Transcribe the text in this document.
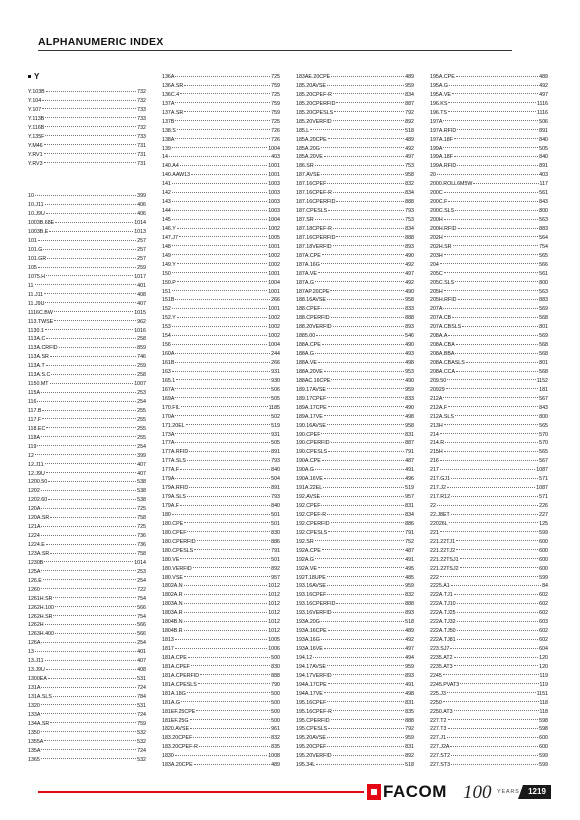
ALPHANUMERIC INDEX
Y
Y.103B	732
Y.104	732
Y.107	733
Y.113B	733
Y.116B	732
Y.135F	733
Y.M46	731
Y.RV1	731
Y.RV3	731
10	399
10.J11	406
10.J9U	406
1003B.68E	1014
1003B.E	1013
101	257
101.G	257
101.GR	257
105	259
1075.H	1017
11	401
11.J11	408
11.J9U	407
1116C.BW	1015
113.TWSE	962
1130.1	1016
113A.C	258
113A.CRFID	859
113A.SR	746
113A.T	259
113A.S.C	258
1150.MT	1007
115A	253
116	254
117.B	255
117.F	255
118.EC	255
118A	255
119	254
12	399
12.J11	407
12.J9U	407
1200.50	538
1202	538
1202.60	538
120A	725
120A.SR	758
121A	725
1224	736
1224.E	736
123A.SR	758
1230B	1014
125A	253
126.E	254
1260	722
1261H.SR	754
1262H.100	566
1262H.SR	754
1262H	566
1263H.400	566
126A	254
13	401
13.J11	407
13.J9U	408
1300EA	531
131A	724
131A.SLS	784
1320	531
133A	724
134A.SR	759
1350	532
1355A	532
135A	724
1365	532
136A	725
136A.SR	759
136C.4	725
137A	759
137A.SR	759
137B	725
138.S	726
138A	726
139	1004
14	403
140.A4	1001
140.AAW13	1001
141	1003
142	1003
143	1003
144	1003
145	1004
146.Y	1002
147.J7	1005
148	1001
149	1002
149.Y	1002
150	1001
150.P	1004
151	1001
151B	266
152	1001
152.Y	1002
153	1002
154	1002
156	1004
160A	244
161B	266
163	931
165.1	930
167A	506
169A	505
170.FIL	1185
170A	502
171.20EL	519
173A	931
177A	505
177A.RFID	891
177A.SLS	793
177A.F	840
179A	504
179A.RFID	891
179A.SLS	793
179A.F	840
180	501
180.CPE	501
180.CPEF	830
180.CPERFID	886
180.CPESLS	791
180.VE	501
180.VERFID	892
180.VSE	957
1802A.N	1012
1802A.R	1012
1803A.N	1012
1803A.R	1012
1804B.N	1012
1804B.R	1012
1813	1005
1817	1006
181A.CPE	500
181A.CPEF	830
181A.CPERFID	888
181A.CPESLS	790
181A.18G	500
181A.G	500
181EF.25CPE	500
181EF.25G	500
1820.AVSE	961
183.20CPEF	832
183.20CPEF-R	835
1830	1008
183A.20CPE	489
183AE.20CPE	489
185.20AVSE	959
185.20CPEF-R	834
185.20CPERFID	887
185.20CPESLS	792
185.20VERFID	892
185.L	518
185A.20CPE	489
185A.20G	492
185A.20VE	497
186.SR	753
187.AVSE	958
187.16CPEF	832
187.16CPEF-R	834
187.16CPERFID	888
187.CPESLS	793
187.SR	753
187.18CPEF-R	834
187.16CPERFID	888
187.18VERFID	893
187A.CPE	490
187A.16G	492
187A.VE	497
187A.G	492
187AP.20CPE	490
188.16AVSE	958
188.CPEF	833
188.CPERFID	888
188.20VERFID	893
1885.00	546
188A.CPE	490
188A.G	493
188A.VE	498
188A.20VE	953
188AC.16CPE	490
189.17AVSE	959
189.17CPEF	833
189A.17CPE	490
189A.17VE	498
190.16AVSE	958
190.CPEF	831
190.CPERFID	887
190.CPESLS	791
190A.CPE	487
190A.G	491
190A.16VE	496
191A.22EL	519
192.AVSE	957
192.CPEF	831
192.CPEF-R	834
192.CPERFID	886
192.CPESLS	791
192.SR	752
192A.CPE	487
192A.G	491
192A.VE	495
192T.18UPE	485
193.16AVSE	959
193.16CPEF	832
193.16CPERFID	888
193.16VERFID	893
193A.20G	518
193A.16CPE	489
193A.16G	492
193A.16VE	497
194.12	494
194.17AVSE	959
194.17VERFID	893
194A.17CPE	491
194A.17VE	498
195.16CPEF	831
195.16CPEF-R	835
195.CPERFID	888
195.CPESLS	792
195.20AVSE	959
195.20CPEF	831
195.20VERFID	892
195.34L	518
195A.CPE	489
195A.G	492
195A.VE	497
196.KS	1116
196.TS	1116
197A	506
197A.RFID	891
197A.18F	840
199A	505
199A.18F	840
199A.RFID	891
20	403
2000.ROLL6M5W	117
200C	561
200C.F	843
200C.SLS	800
200H	563
200H.RFID	883
202H	564
202H.SR	754
203H	565
204	566
205C	561
205C.SLS	800
205H	563
205H.RFID	883
207A	569
207A.CB	568
207A.CBSLS	801
208A.A	569
208A.CBA	568
208A.BBA	568
208A.CBASLS	801
208A.CCA	568
209.50	1152
20929	181
212A	567
212A.F	843
212A.SLS	800
213H	565
214	570
214.R	570
215H	565
216	567
217	1087
217.GJ1	571
217.J2	1087
217.R12	571
22	226
22.J8ET	227
22026L	125
221	599
221.22TJ1	600
221.22TJ2	600
221.22TSJ1	600
221.22TSJ2	600
222	599
2225.A1	84
222A.TJ1	602
222A.TJ10	602
222A.TJ25	602
222A.TJ32	603
222A.TJ50	602
222A.TJ81	602
223.SJ7	604
2235.AT2	120
2235.AT3	120
2245	119
2245.PVAT3	119
225.J3	1151
2250	118
2250.AT3	118
227.T2	598
227.T3	598
227.J1	600
227.J2A	600
227.ST2	599
227.ST3	599
FACOM 100 YEARS	1219
